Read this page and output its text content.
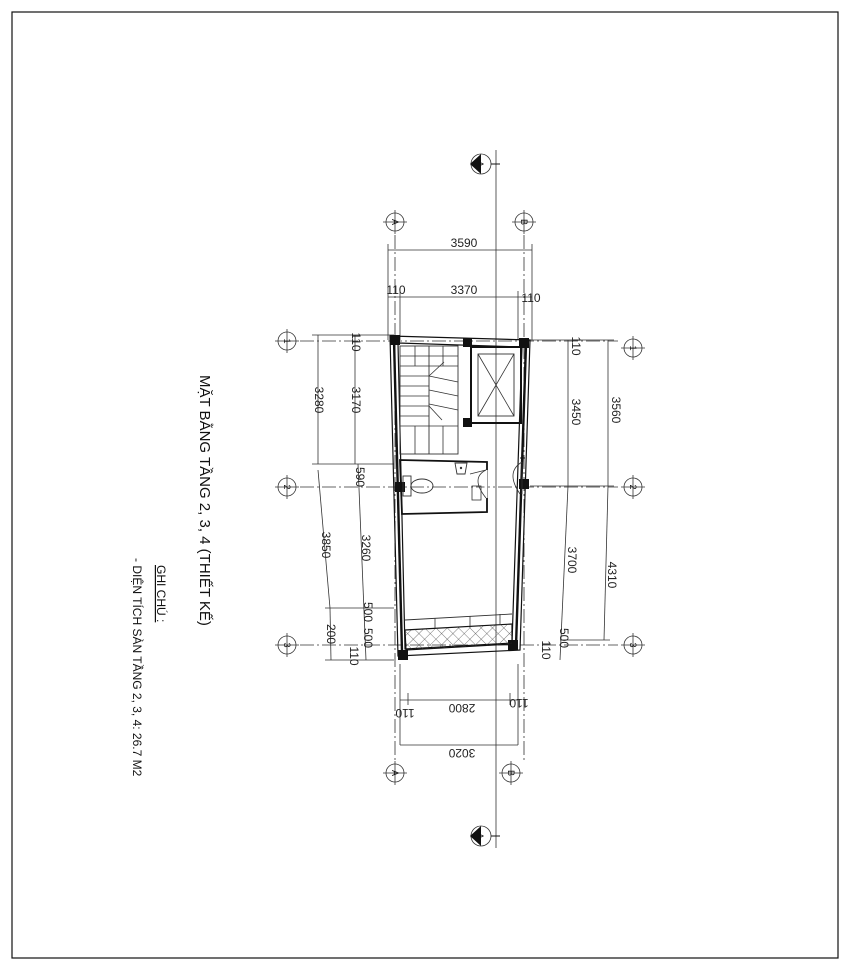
A
A
A	B
A	B
1
2
3
1
2
3
3590
3370
110
110
3280
3850
200
110
3170
590
3260
500
500
110
3560
4310
110
3450
3700
500
110
2800
3020
110
110
MẶT BẰNG TẦNG 2, 3, 4 (THIẾT KẾ)
GHI CHÚ :
- DIỆN TÍCH SÀN TẦNG 2, 3, 4: 26.7 M2
